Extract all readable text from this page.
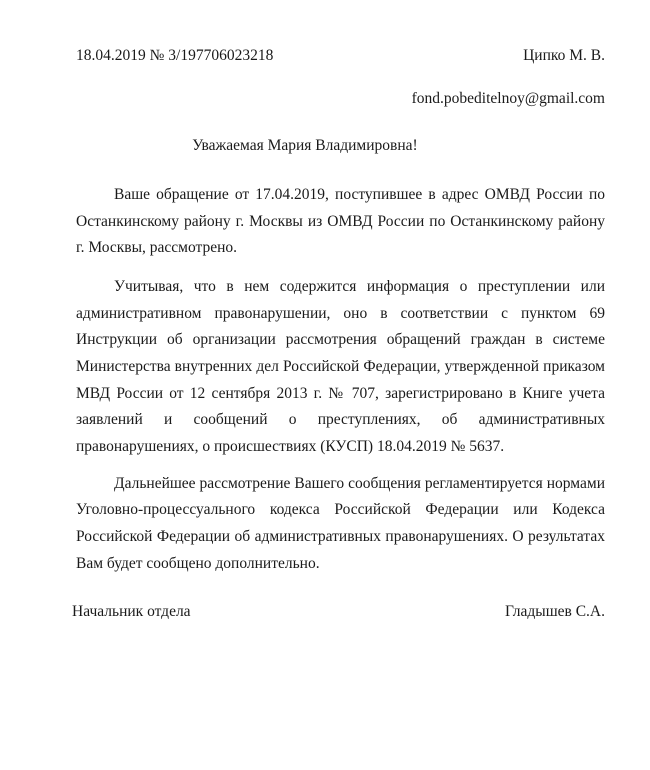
18.04.2019 № 3/197706023218	Ципко М. В.
fond.pobeditelnoy@gmail.com
Уважаемая Мария Владимировна!

Ваше обращение от 17.04.2019, поступившее в адрес ОМВД России по Останкинскому району г. Москвы из ОМВД России по Останкинскому району г. Москвы, рассмотрено.

Учитывая, что в нем содержится информация о преступлении или административном правонарушении, оно в соответствии с пунктом 69 Инструкции об организации рассмотрения обращений граждан в системе Министерства внутренних дел Российской Федерации, утвержденной приказом МВД России от 12 сентября 2013 г. № 707, зарегистрировано в Книге учета заявлений и сообщений о преступлениях, об административных правонарушениях, о происшествиях (КУСП) 18.04.2019 № 5637.

Дальнейшее рассмотрение Вашего сообщения регламентируется нормами Уголовно-процессуального кодекса Российской Федерации или Кодекса Российской Федерации об административных правонарушениях. О результатах Вам будет сообщено дополнительно.

Начальник отдела	Гладышев С.А.
